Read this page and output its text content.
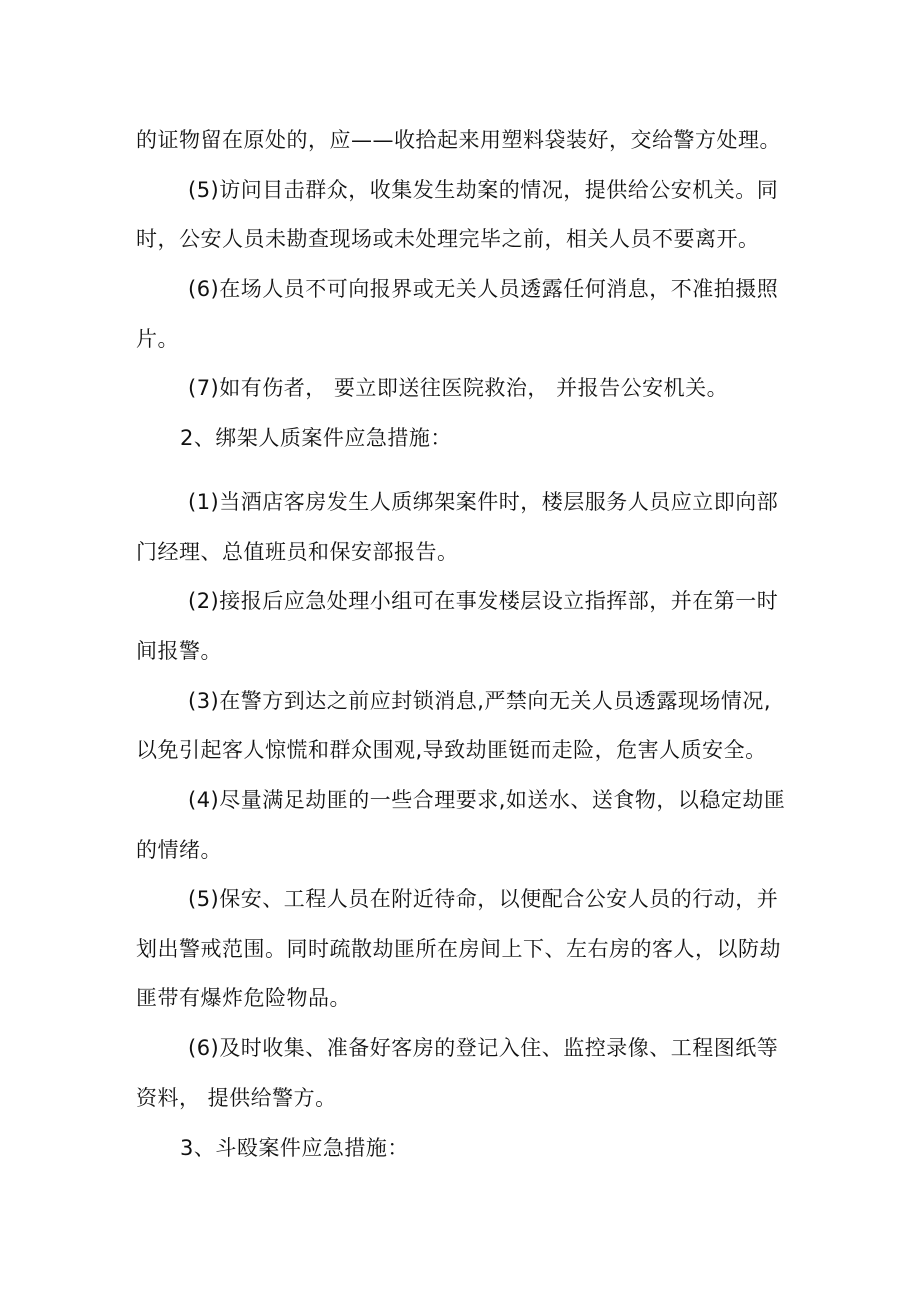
的证物留在原处的，应——收拾起来用塑料袋装好，交给警方处理。
(5)访问目击群众，收集发生劫案的情况，提供给公安机关。同
时，公安人员未勘查现场或未处理完毕之前，相关人员不要离开。
(6)在场人员不可向报界或无关人员透露任何消息，不准拍摄照
片。
(7)如有伤者， 要立即送往医院救治， 并报告公安机关。
2、绑架人质案件应急措施：
(1)当酒店客房发生人质绑架案件时，楼层服务人员应立即向部
门经理、总值班员和保安部报告。
(2)接报后应急处理小组可在事发楼层设立指挥部，并在第一时
间报警。
(3)在警方到达之前应封锁消息,严禁向无关人员透露现场情况,
以免引起客人惊慌和群众围观,导致劫匪铤而走险，危害人质安全。
(4)尽量满足劫匪的一些合理要求,如送水、送食物，以稳定劫匪
的情绪。
(5)保安、工程人员在附近待命，以便配合公安人员的行动，并
划出警戒范围。同时疏散劫匪所在房间上下、左右房的客人，以防劫
匪带有爆炸危险物品。
(6)及时收集、准备好客房的登记入住、监控录像、工程图纸等
资料， 提供给警方。
3、斗殴案件应急措施：
